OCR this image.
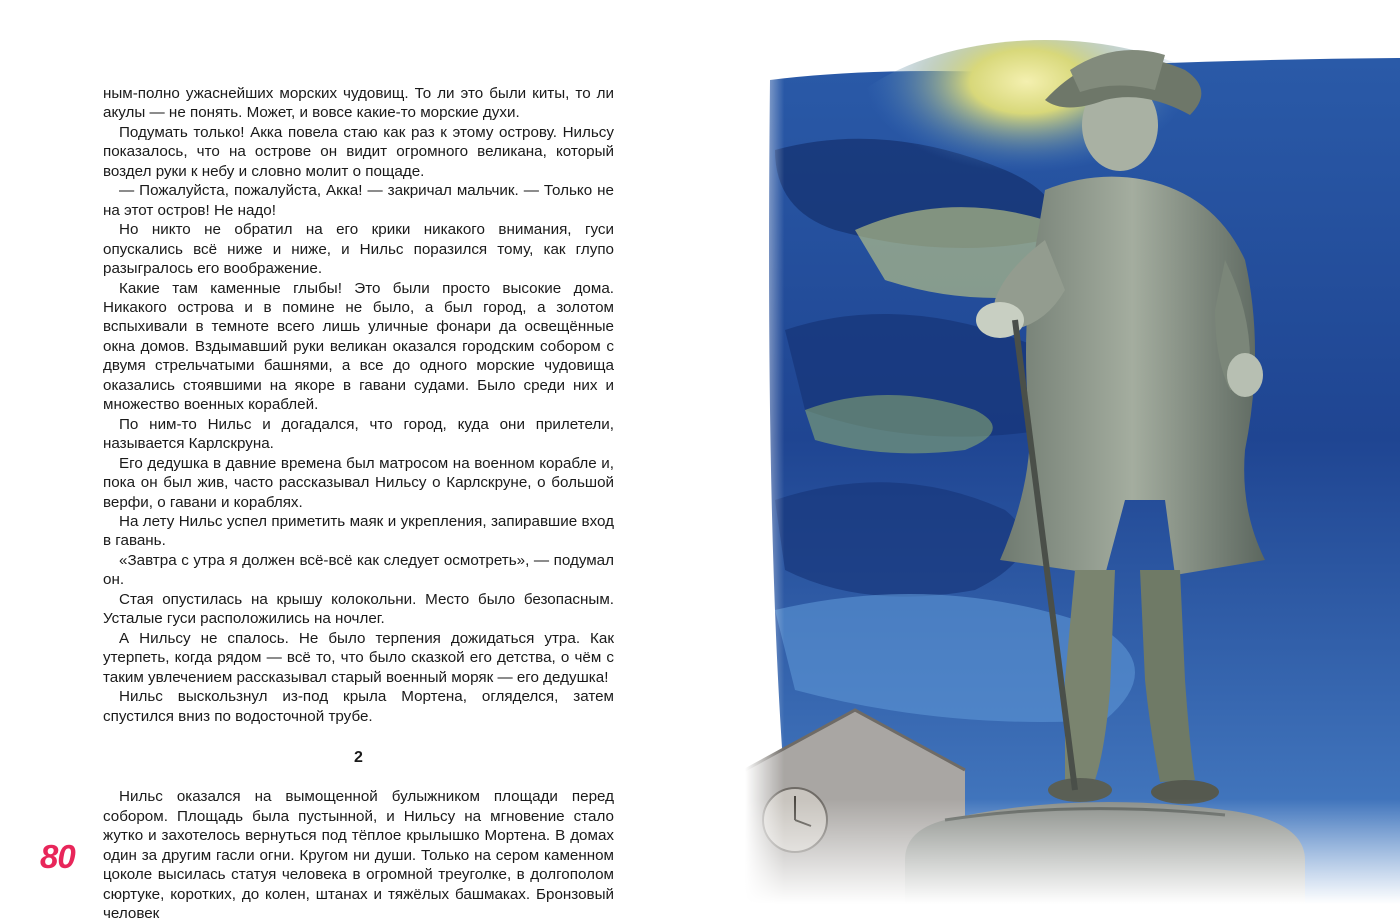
ным-полно ужаснейших морских чудовищ. То ли это были киты, то ли акулы — не понять. Может, и вовсе какие-то морские духи.

Подумать только! Акка повела стаю как раз к этому острову. Нильсу показалось, что на острове он видит огромного великана, который воздел руки к небу и словно молит о пощаде.

— Пожалуйста, пожалуйста, Акка! — закричал мальчик. — Только не на этот остров! Не надо!

Но никто не обратил на его крики никакого внимания, гуси опускались всё ниже и ниже, и Нильс поразился тому, как глупо разыгралось его воображение.

Какие там каменные глыбы! Это были просто высокие дома. Никакого острова и в помине не было, а был город, а золотом вспыхивали в темноте всего лишь уличные фонари да освещённые окна домов. Вздымавший руки великан оказался городским собором с двумя стрельчатыми башнями, а все до одного морские чудовища оказались стоявшими на якоре в гавани судами. Было среди них и множество военных кораблей.

По ним-то Нильс и догадался, что город, куда они прилетели, называется Карлскруна.

Его дедушка в давние времена был матросом на военном корабле и, пока он был жив, часто рассказывал Нильсу о Карлскруне, о большой верфи, о гавани и кораблях.

На лету Нильс успел приметить маяк и укрепления, запиравшие вход в гавань.

«Завтра с утра я должен всё-всё как следует осмотреть», — подумал он.

Стая опустилась на крышу колокольни. Место было безопасным. Усталые гуси расположились на ночлег.

А Нильсу не спалось. Не было терпения дожидаться утра. Как утерпеть, когда рядом — всё то, что было сказкой его детства, о чём с таким увлечением рассказывал старый военный моряк — его дедушка!

Нильс выскользнул из-под крыла Мортена, огляделся, затем спустился вниз по водосточной трубе.

2

Нильс оказался на вымощенной булыжником площади перед собором. Площадь была пустынной, и Нильсу на мгновение стало жутко и захотелось вернуться под тёплое крылышко Мортена. В домах один за другим гасли огни. Кругом ни души. Только на сером каменном цоколе высилась статуя человека в огромной треуголке, в долгополом сюртуке, коротких, до колен, штанах и тяжёлых башмаках. Бронзовый человек

80
